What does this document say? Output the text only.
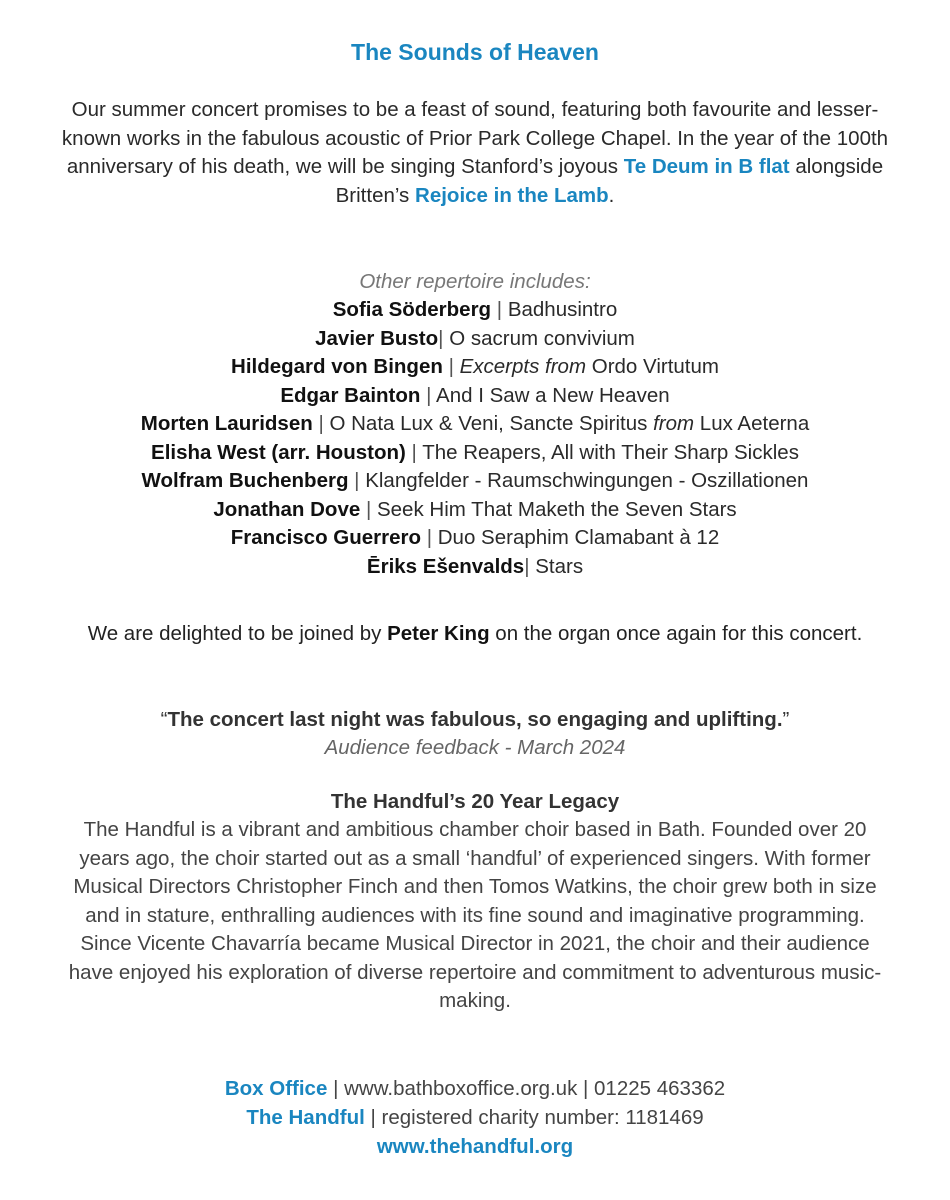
The Sounds of Heaven
Our summer concert promises to be a feast of sound, featuring both favourite and lesser-known works in the fabulous acoustic of Prior Park College Chapel. In the year of the 100th anniversary of his death, we will be singing Stanford’s joyous Te Deum in B flat alongside Britten’s Rejoice in the Lamb.
Other repertoire includes:
Sofia Söderberg | Badhusintro
Javier Busto| O sacrum convivium
Hildegard von Bingen | Excerpts from Ordo Virtutum
Edgar Bainton | And I Saw a New Heaven
Morten Lauridsen | O Nata Lux & Veni, Sancte Spiritus from Lux Aeterna
Elisha West (arr. Houston) | The Reapers, All with Their Sharp Sickles
Wolfram Buchenberg | Klangfelder - Raumschwingungen - Oszillationen
Jonathan Dove | Seek Him That Maketh the Seven Stars
Francisco Guerrero | Duo Seraphim Clamabant à 12
Ēriks Ešenvalds| Stars
We are delighted to be joined by Peter King on the organ once again for this concert.
“The concert last night was fabulous, so engaging and uplifting.”
Audience feedback - March 2024
The Handful’s 20 Year Legacy
The Handful is a vibrant and ambitious chamber choir based in Bath. Founded over 20 years ago, the choir started out as a small ‘handful’ of experienced singers. With former Musical Directors Christopher Finch and then Tomos Watkins, the choir grew both in size and in stature, enthralling audiences with its fine sound and imaginative programming. Since Vicente Chavarría became Musical Director in 2021, the choir and their audience have enjoyed his exploration of diverse repertoire and commitment to adventurous music-making.
Box Office | www.bathboxoffice.org.uk | 01225 463362
The Handful | registered charity number: 1181469
www.thehandful.org
